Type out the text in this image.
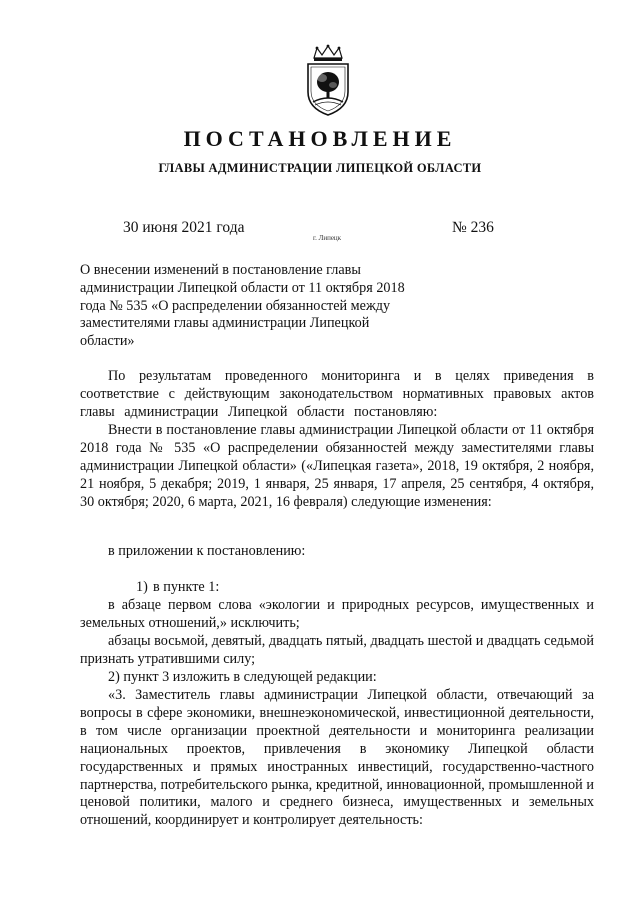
ПОСТАНОВЛЕНИЕ
ГЛАВЫ АДМИНИСТРАЦИИ ЛИПЕЦКОЙ ОБЛАСТИ
30 июня 2021 года
г. Липецк
№ 236
О внесении изменений в постановление главы
администрации Липецкой области от 11 октября 2018
года № 535 «О распределении обязанностей между
заместителями главы администрации Липецкой
области»

По результатам проведенного мониторинга и в целях приведения в соответствие с действующим законодательством нормативных правовых актов главы администрации Липецкой области постановляю:

Внести в постановление главы администрации Липецкой области от 11 октября 2018 года № 535 «О распределении обязанностей между заместителями главы администрации Липецкой области» («Липецкая газета», 2018, 19 октября, 2 ноября, 21 ноября, 5 декабря; 2019, 1 января, 25 января, 17 апреля, 25 сентября, 4 октября, 30 октября; 2020, 6 марта, 2021, 16 февраля) следующие изменения:

в приложении к постановлению:

1) в пункте 1:

в абзаце первом слова «экологии и природных ресурсов, имущественных и земельных отношений,» исключить;

абзацы восьмой, девятый, двадцать пятый, двадцать шестой и двадцать седьмой признать утратившими силу;

2) пункт 3 изложить в следующей редакции:

«3. Заместитель главы администрации Липецкой области, отвечающий за вопросы в сфере экономики, внешнеэкономической, инвестиционной деятельности, в том числе организации проектной деятельности и мониторинга реализации национальных проектов, привлечения в экономику Липецкой области государственных и прямых иностранных инвестиций, государственно-частного партнерства, потребительского рынка, кредитной, инновационной, промышленной и ценовой политики, малого и среднего бизнеса, имущественных и земельных отношений, координирует и контролирует деятельность:
